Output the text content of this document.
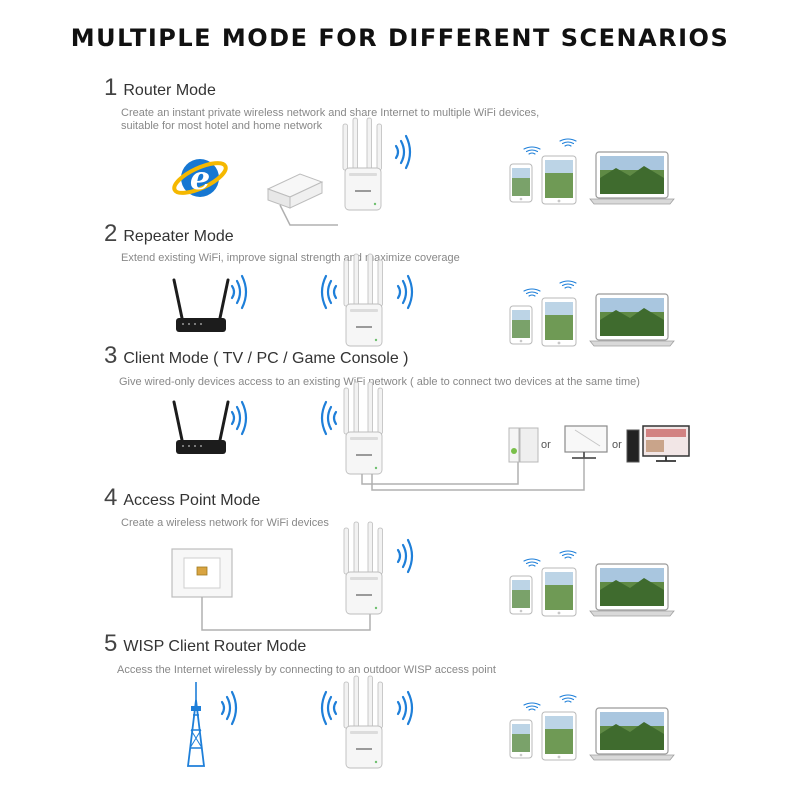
MULTIPLE MODE FOR DIFFERENT SCENARIOS
1 Router Mode
Create an instant private wireless network and share Internet to multiple WiFi devices,
suitable for most hotel and home network
2 Repeater Mode
Extend existing WiFi, improve signal strength and maximize coverage
3 Client Mode ( TV / PC / Game Console )
Give wired-only devices access to an existing WiFi network ( able to connect two devices at the same time)
4 Access Point Mode
Create a wireless network for WiFi devices
5 WISP Client Router Mode
Access the Internet wirelessly by connecting to an outdoor WISP access point
e
or	or
